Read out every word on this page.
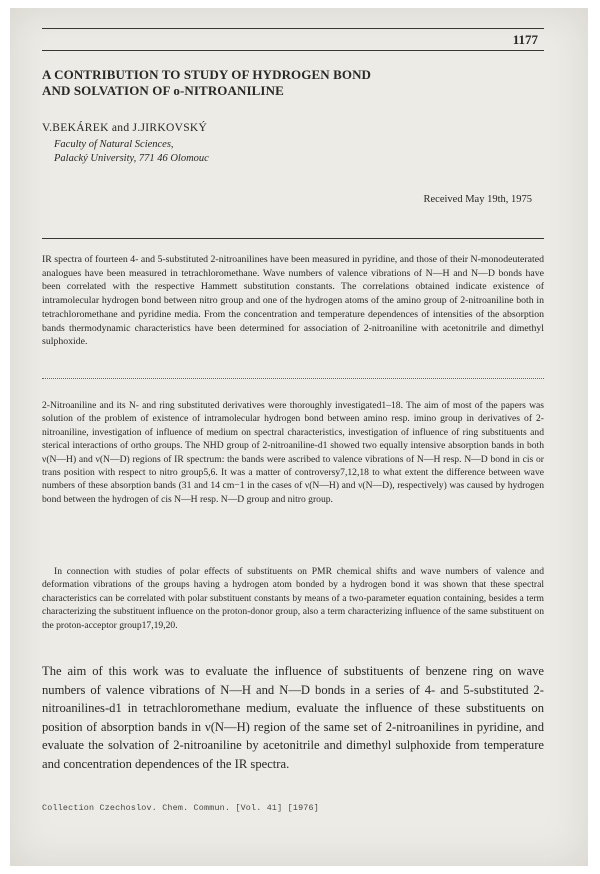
1177
A CONTRIBUTION TO STUDY OF HYDROGEN BOND
AND SOLVATION OF o-NITROANILINE
V.BEKÁREK and J.JIRKOVSKÝ
Faculty of Natural Sciences,
Palacký University, 771 46 Olomouc
Received May 19th, 1975

IR spectra of fourteen 4- and 5-substituted 2-nitroanilines have been measured in pyridine, and those of their N-monodeuterated analogues have been measured in tetrachloromethane. Wave numbers of valence vibrations of N—H and N—D bonds have been correlated with the respective Hammett substitution constants. The correlations obtained indicate existence of intramolecular hydrogen bond between nitro group and one of the hydrogen atoms of the amino group of 2-nitroaniline both in tetrachloromethane and pyridine media. From the concentration and temperature dependences of intensities of the absorption bands thermodynamic characteristics have been determined for association of 2-nitroaniline with acetonitrile and dimethyl sulphoxide.

2-Nitroaniline and its N- and ring substituted derivatives were thoroughly investigated1–18. The aim of most of the papers was solution of the problem of existence of intramolecular hydrogen bond between amino resp. imino group in derivatives of 2-nitroaniline, investigation of influence of medium on spectral characteristics, investigation of influence of ring substituents and sterical interactions of ortho groups. The NHD group of 2-nitroaniline-d1 showed two equally intensive absorption bands in both ν(N—H) and ν(N—D) regions of IR spectrum: the bands were ascribed to valence vibrations of N—H resp. N—D bond in cis or trans position with respect to nitro group5,6. It was a matter of controversy7,12,18 to what extent the difference between wave numbers of these absorption bands (31 and 14 cm−1 in the cases of ν(N—H) and ν(N—D), respectively) was caused by hydrogen bond between the hydrogen of cis N—H resp. N—D group and nitro group.

In connection with studies of polar effects of substituents on PMR chemical shifts and wave numbers of valence and deformation vibrations of the groups having a hydrogen atom bonded by a hydrogen bond it was shown that these spectral characteristics can be correlated with polar substituent constants by means of a two-parameter equation containing, besides a term characterizing the substituent influence on the proton-donor group, also a term characterizing influence of the same substituent on the proton-acceptor group17,19,20.

The aim of this work was to evaluate the influence of substituents of benzene ring on wave numbers of valence vibrations of N—H and N—D bonds in a series of 4- and 5-substituted 2-nitroanilines-d1 in tetrachloromethane medium, evaluate the influence of these substituents on position of absorption bands in ν(N—H) region of the same set of 2-nitroanilines in pyridine, and evaluate the solvation of 2-nitroaniline by acetonitrile and dimethyl sulphoxide from temperature and concentration dependences of the IR spectra.

Collection Czechoslov. Chem. Commun. [Vol. 41] [1976]
